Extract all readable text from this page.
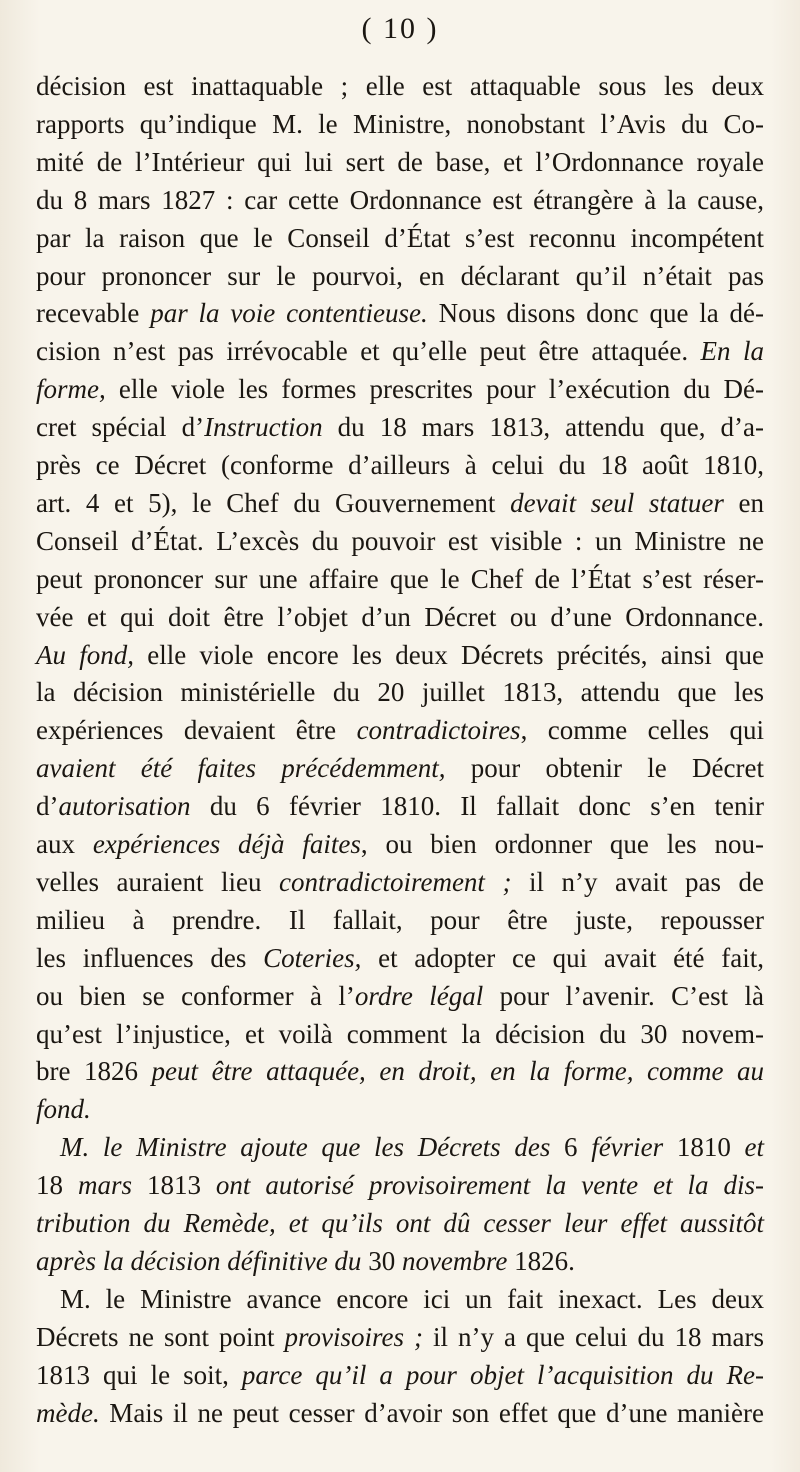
( 10 )
décision est inattaquable ; elle est attaquable sous les deux
rapports qu’indique M. le Ministre, nonobstant l’Avis du Co-
mité de l’Intérieur qui lui sert de base, et l’Ordonnance royale
du 8 mars 1827 : car cette Ordonnance est étrangère à la cause,
par la raison que le Conseil d’État s’est reconnu incompétent
pour prononcer sur le pourvoi, en déclarant qu’il n’était pas
recevable par la voie contentieuse. Nous disons donc que la dé-
cision n’est pas irrévocable et qu’elle peut être attaquée. En la
forme, elle viole les formes prescrites pour l’exécution du Dé-
cret spécial d’Instruction du 18 mars 1813, attendu que, d’a-
près ce Décret (conforme d’ailleurs à celui du 18 août 1810,
art. 4 et 5), le Chef du Gouvernement devait seul statuer en
Conseil d’État. L’excès du pouvoir est visible : un Ministre ne
peut prononcer sur une affaire que le Chef de l’État s’est réser-
vée et qui doit être l’objet d’un Décret ou d’une Ordonnance.
Au fond, elle viole encore les deux Décrets précités, ainsi que
la décision ministérielle du 20 juillet 1813, attendu que les
expériences devaient être contradictoires, comme celles qui
avaient été faites précédemment, pour obtenir le Décret
d’autorisation du 6 février 1810. Il fallait donc s’en tenir
aux expériences déjà faites, ou bien ordonner que les nou-
velles auraient lieu contradictoirement ; il n’y avait pas de
milieu à prendre. Il fallait, pour être juste, repousser
les influences des Coteries, et adopter ce qui avait été fait,
ou bien se conformer à l’ordre légal pour l’avenir. C’est là
qu’est l’injustice, et voilà comment la décision du 30 novem-
bre 1826 peut être attaquée, en droit, en la forme, comme au
fond.
M. le Ministre ajoute que les Décrets des 6 février 1810 et
18 mars 1813 ont autorisé provisoirement la vente et la dis-
tribution du Remède, et qu’ils ont dû cesser leur effet aussitôt
après la décision définitive du 30 novembre 1826.
M. le Ministre avance encore ici un fait inexact. Les deux
Décrets ne sont point provisoires ; il n’y a que celui du 18 mars
1813 qui le soit, parce qu’il a pour objet l’acquisition du Re-
mède. Mais il ne peut cesser d’avoir son effet que d’une manière
